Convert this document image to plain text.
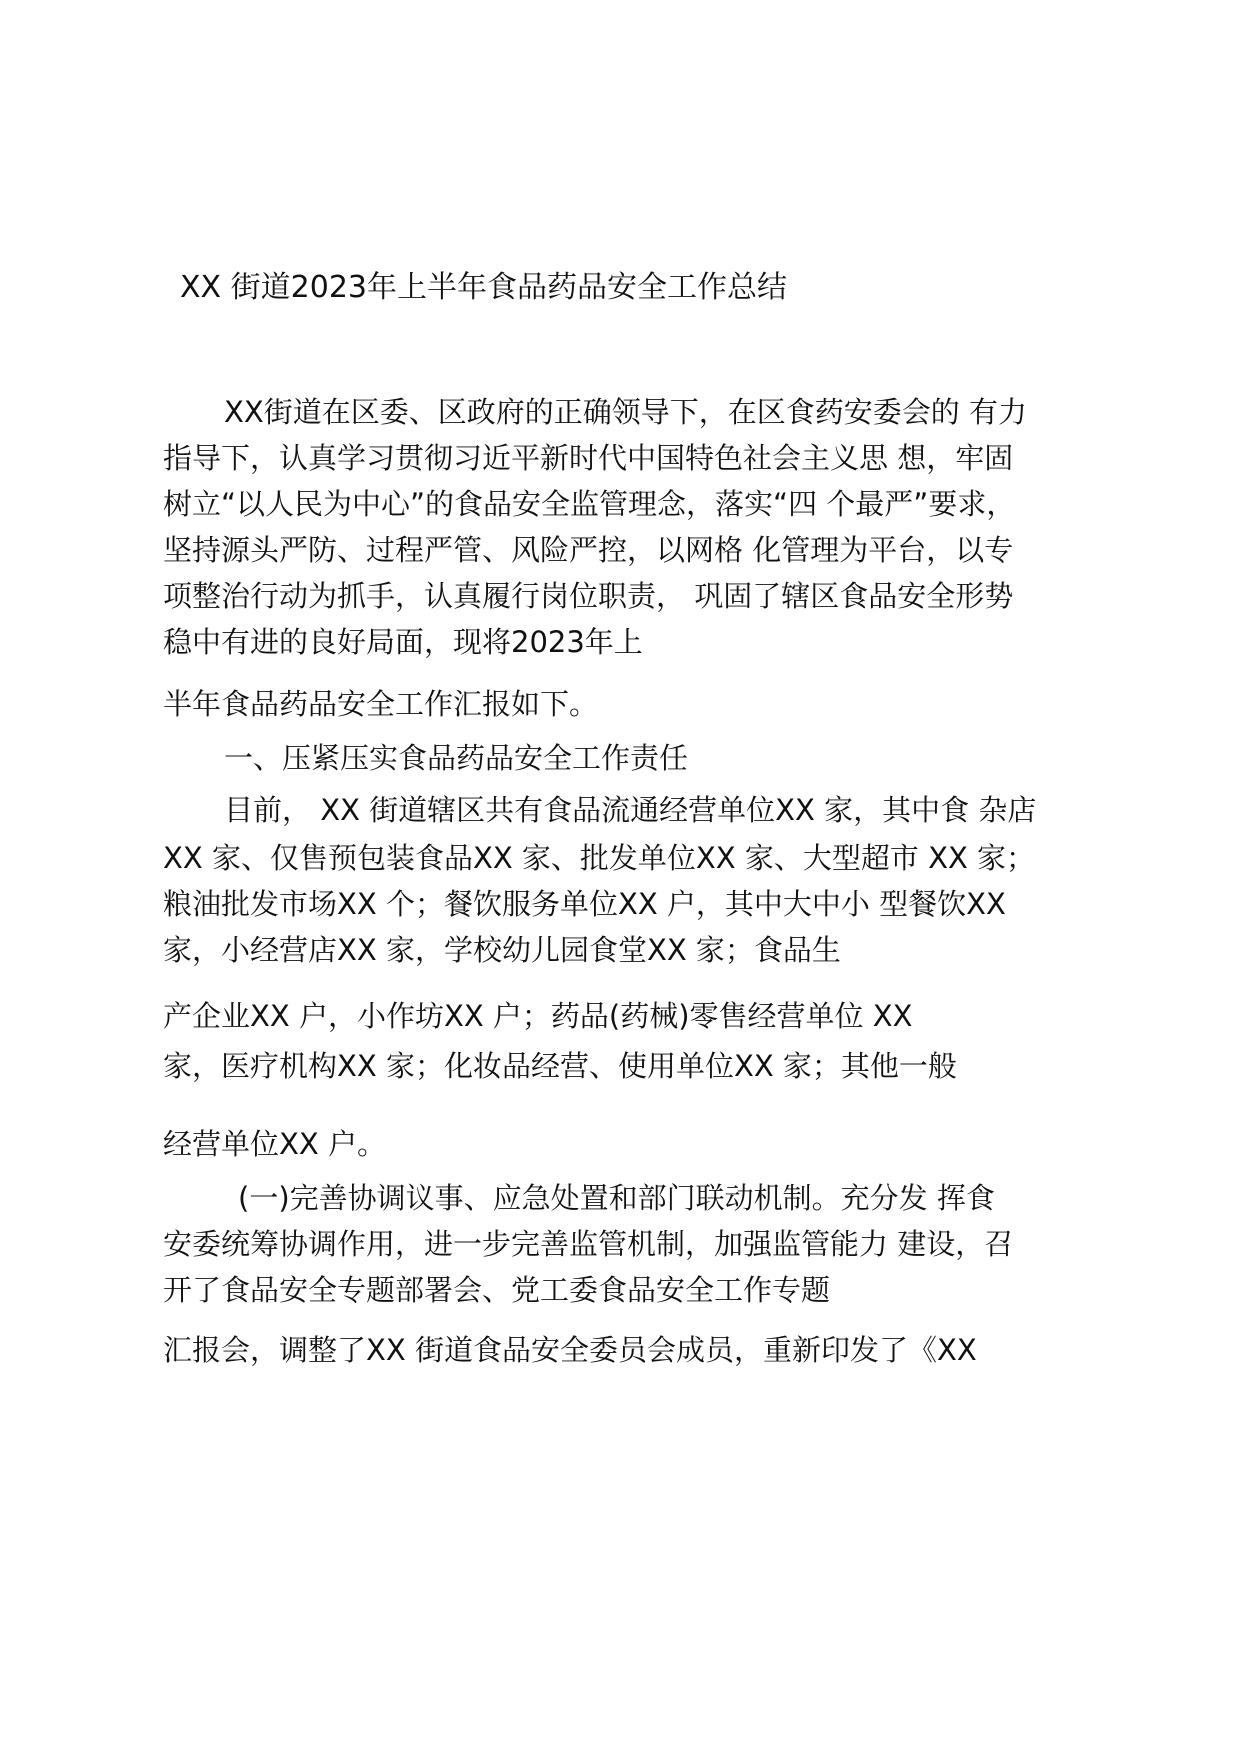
XX 街道2023年上半年食品药品安全工作总结

XX街道在区委、区政府的正确领导下，在区食药安委会的 有力

指导下，认真学习贯彻习近平新时代中国特色社会主义思 想，牢固

树立“以人民为中心”的食品安全监管理念，落实“四 个最严”要求，

坚持源头严防、过程严管、风险严控，以网格 化管理为平台，以专

项整治行动为抓手，认真履行岗位职责， 巩固了辖区食品安全形势

稳中有进的良好局面，现将2023年上

半年食品药品安全工作汇报如下。

一、压紧压实食品药品安全工作责任

目前， XX 街道辖区共有食品流通经营单位XX 家，其中食 杂店

XX 家、仅售预包装食品XX 家、批发单位XX 家、大型超市 XX 家；

粮油批发市场XX 个；餐饮服务单位XX 户，其中大中小 型餐饮XX

家，小经营店XX 家，学校幼儿园食堂XX 家；食品生

产企业XX 户，小作坊XX 户；药品(药械)零售经营单位 XX

家，医疗机构XX 家；化妆品经营、使用单位XX 家；其他一般

经营单位XX 户。

(一)完善协调议事、应急处置和部门联动机制。充分发 挥食

安委统筹协调作用，进一步完善监管机制，加强监管能力 建设，召

开了食品安全专题部署会、党工委食品安全工作专题

汇报会，调整了XX 街道食品安全委员会成员，重新印发了《XX
